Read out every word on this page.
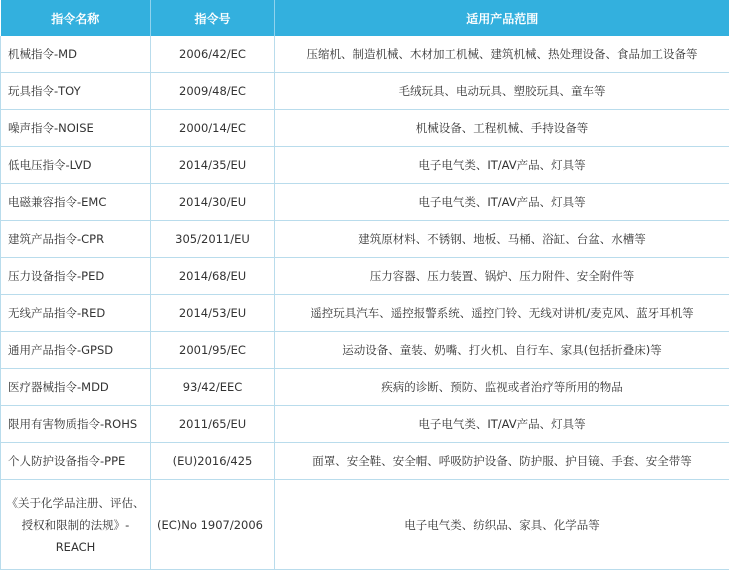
指令名称	指令号	适用产品范围
机械指令-MD	2006/42/EC	压缩机、制造机械、木材加工机械、建筑机械、热处理设备、食品加工设备等
玩具指令-TOY	2009/48/EC	毛绒玩具、电动玩具、塑胶玩具、童车等
噪声指令-NOISE	2000/14/EC	机械设备、工程机械、手持设备等
低电压指令-LVD	2014/35/EU	电子电气类、IT/AV产品、灯具等
电磁兼容指令-EMC	2014/30/EU	电子电气类、IT/AV产品、灯具等
建筑产品指令-CPR	305/2011/EU	建筑原材料、不锈钢、地板、马桶、浴缸、台盆、水槽等
压力设备指令-PED	2014/68/EU	压力容器、压力装置、锅炉、压力附件、安全附件等
无线产品指令-RED	2014/53/EU	遥控玩具汽车、遥控报警系统、遥控门铃、无线对讲机/麦克风、蓝牙耳机等
通用产品指令-GPSD	2001/95/EC	运动设备、童装、奶嘴、打火机、自行车、家具(包括折叠床)等
医疗器械指令-MDD	93/42/EEC	疾病的诊断、预防、监视或者治疗等所用的物品
限用有害物质指令-ROHS	2011/65/EU	电子电气类、IT/AV产品、灯具等
个人防护设备指令-PPE	(EU)2016/425	面罩、安全鞋、安全帽、呼吸防护设备、防护服、护目镜、手套、安全带等
《关于化学品注册、评估、授权和限制的法规》-REACH	(EC)No 1907/2006	电子电气类、纺织品、家具、化学品等
